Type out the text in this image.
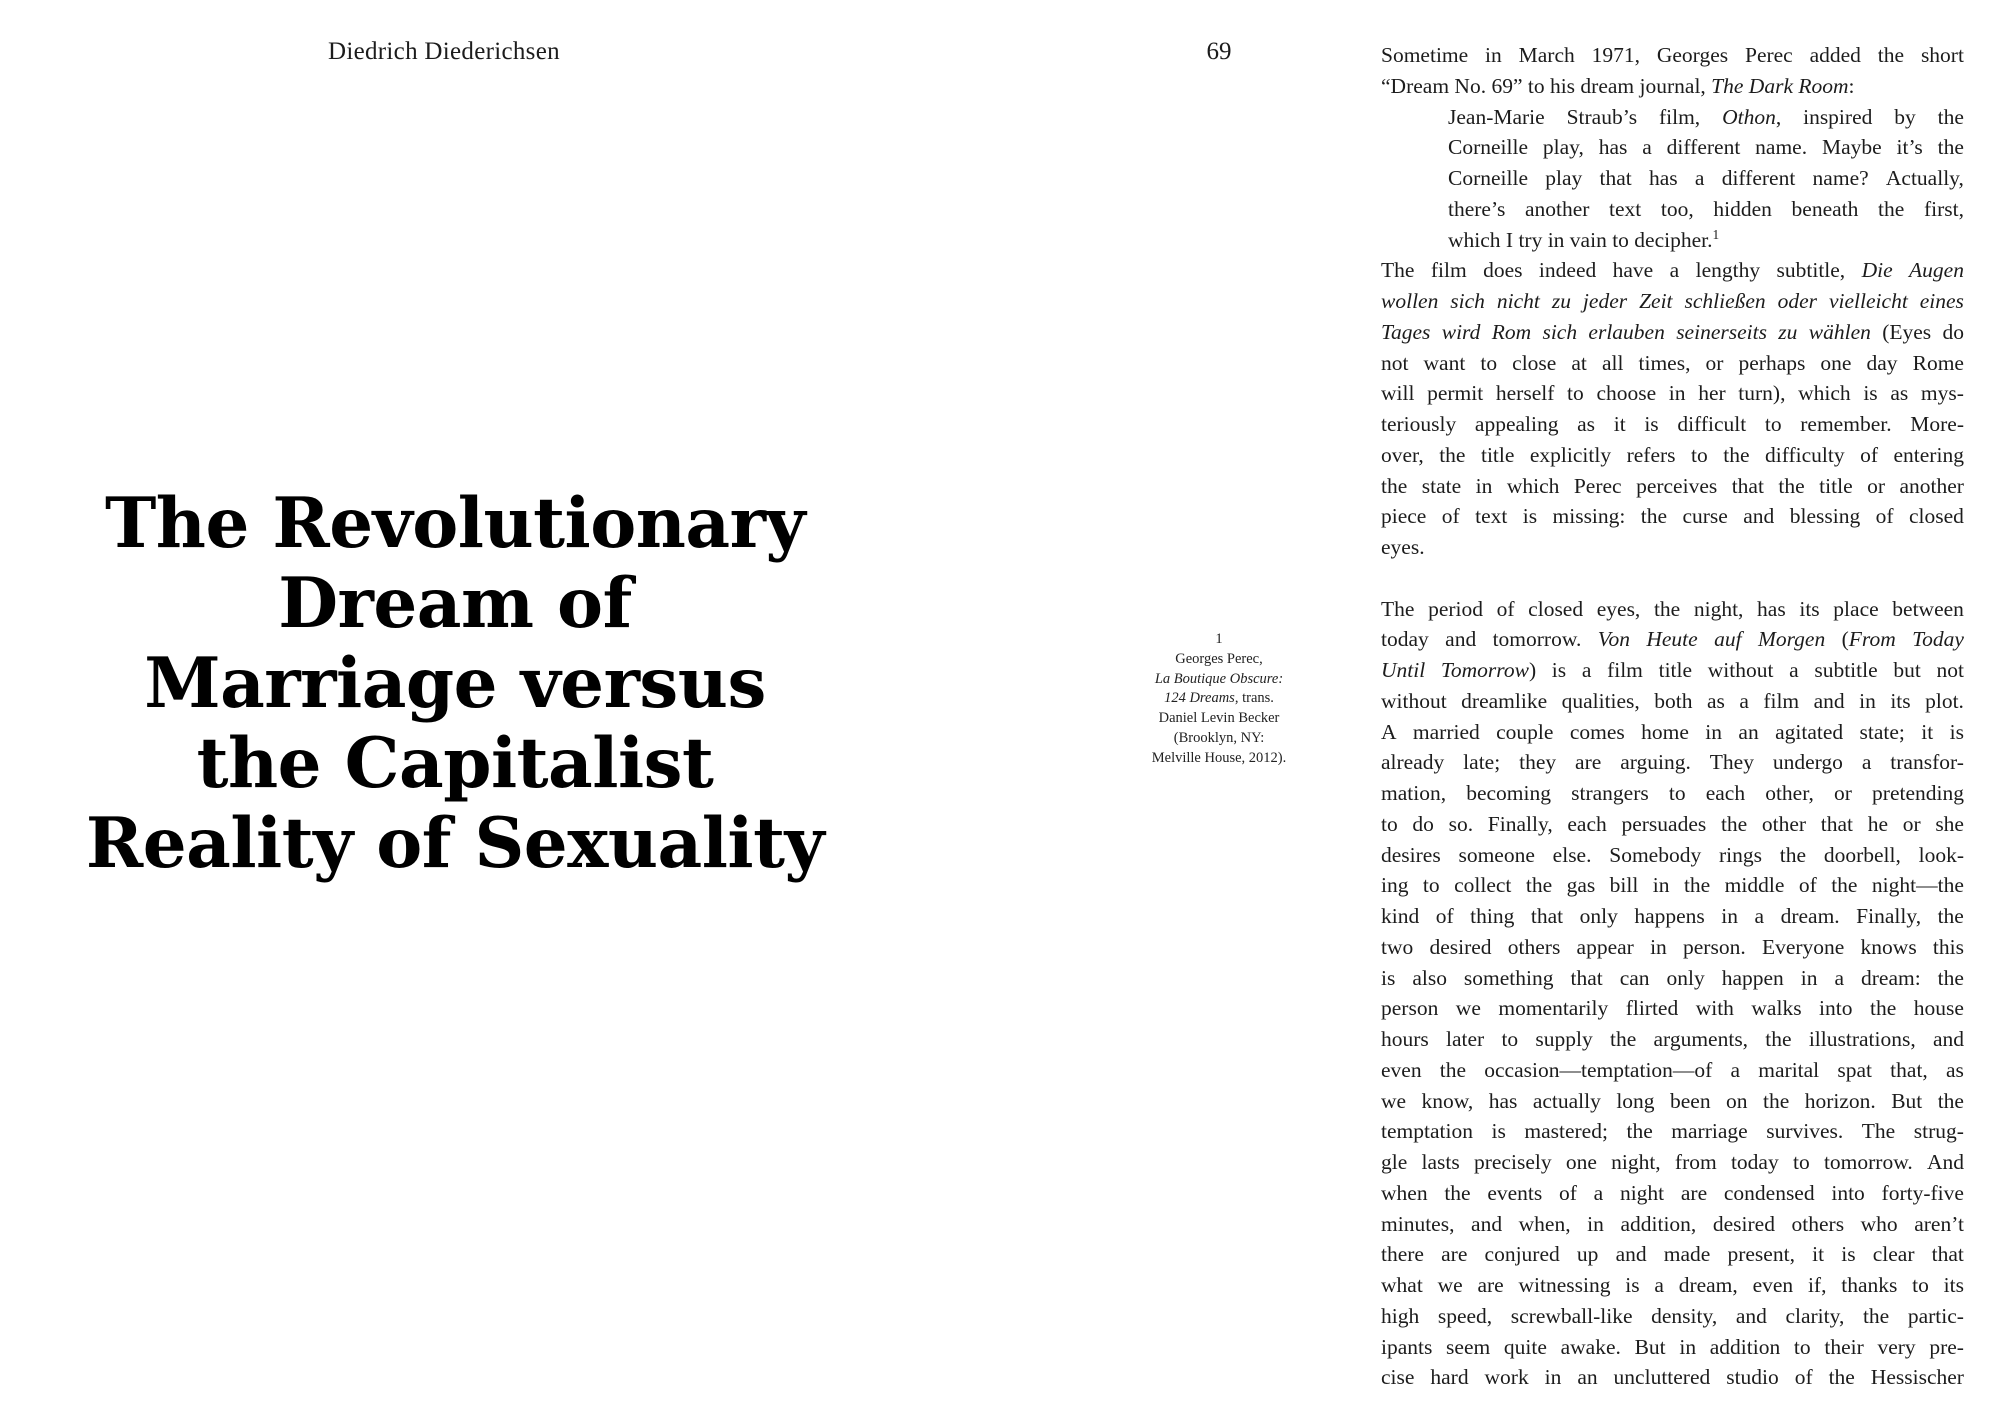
Diedrich Diederichsen	69
The Revolutionary
Dream of
Marriage versus
the Capitalist
Reality of Sexuality
1
Georges Perec,
La Boutique Obscure:
124 Dreams, trans.
Daniel Levin Becker
(Brooklyn, NY:
Melville House, 2012).
Sometime in March 1971, Georges Perec added the short
“Dream No. 69” to his dream journal, The Dark Room:
Jean-Marie Straub’s film, Othon, inspired by the
Corneille play, has a different name. Maybe it’s the
Corneille play that has a different name? Actually,
there’s another text too, hidden beneath the first,
which I try in vain to decipher.$^1$
The film does indeed have a lengthy subtitle, Die Augen
wollen sich nicht zu jeder Zeit schließen oder vielleicht eines
Tages wird Rom sich erlauben seinerseits zu wählen (Eyes do
not want to close at all times, or perhaps one day Rome
will permit herself to choose in her turn), which is as mys-
teriously appealing as it is difficult to remember. More-
over, the title explicitly refers to the difficulty of entering
the state in which Perec perceives that the title or another
piece of text is missing: the curse and blessing of closed
eyes.
The period of closed eyes, the night, has its place between
today and tomorrow. Von Heute auf Morgen (From Today
Until Tomorrow) is a film title without a subtitle but not
without dreamlike qualities, both as a film and in its plot.
A married couple comes home in an agitated state; it is
already late; they are arguing. They undergo a transfor-
mation, becoming strangers to each other, or pretending
to do so. Finally, each persuades the other that he or she
desires someone else. Somebody rings the doorbell, look-
ing to collect the gas bill in the middle of the night—the
kind of thing that only happens in a dream. Finally, the
two desired others appear in person. Everyone knows this
is also something that can only happen in a dream: the
person we momentarily flirted with walks into the house
hours later to supply the arguments, the illustrations, and
even the occasion—temptation—of a marital spat that, as
we know, has actually long been on the horizon. But the
temptation is mastered; the marriage survives. The strug-
gle lasts precisely one night, from today to tomorrow. And
when the events of a night are condensed into forty-five
minutes, and when, in addition, desired others who aren’t
there are conjured up and made present, it is clear that
what we are witnessing is a dream, even if, thanks to its
high speed, screwball-like density, and clarity, the partic-
ipants seem quite awake. But in addition to their very pre-
cise hard work in an uncluttered studio of the Hessischer
